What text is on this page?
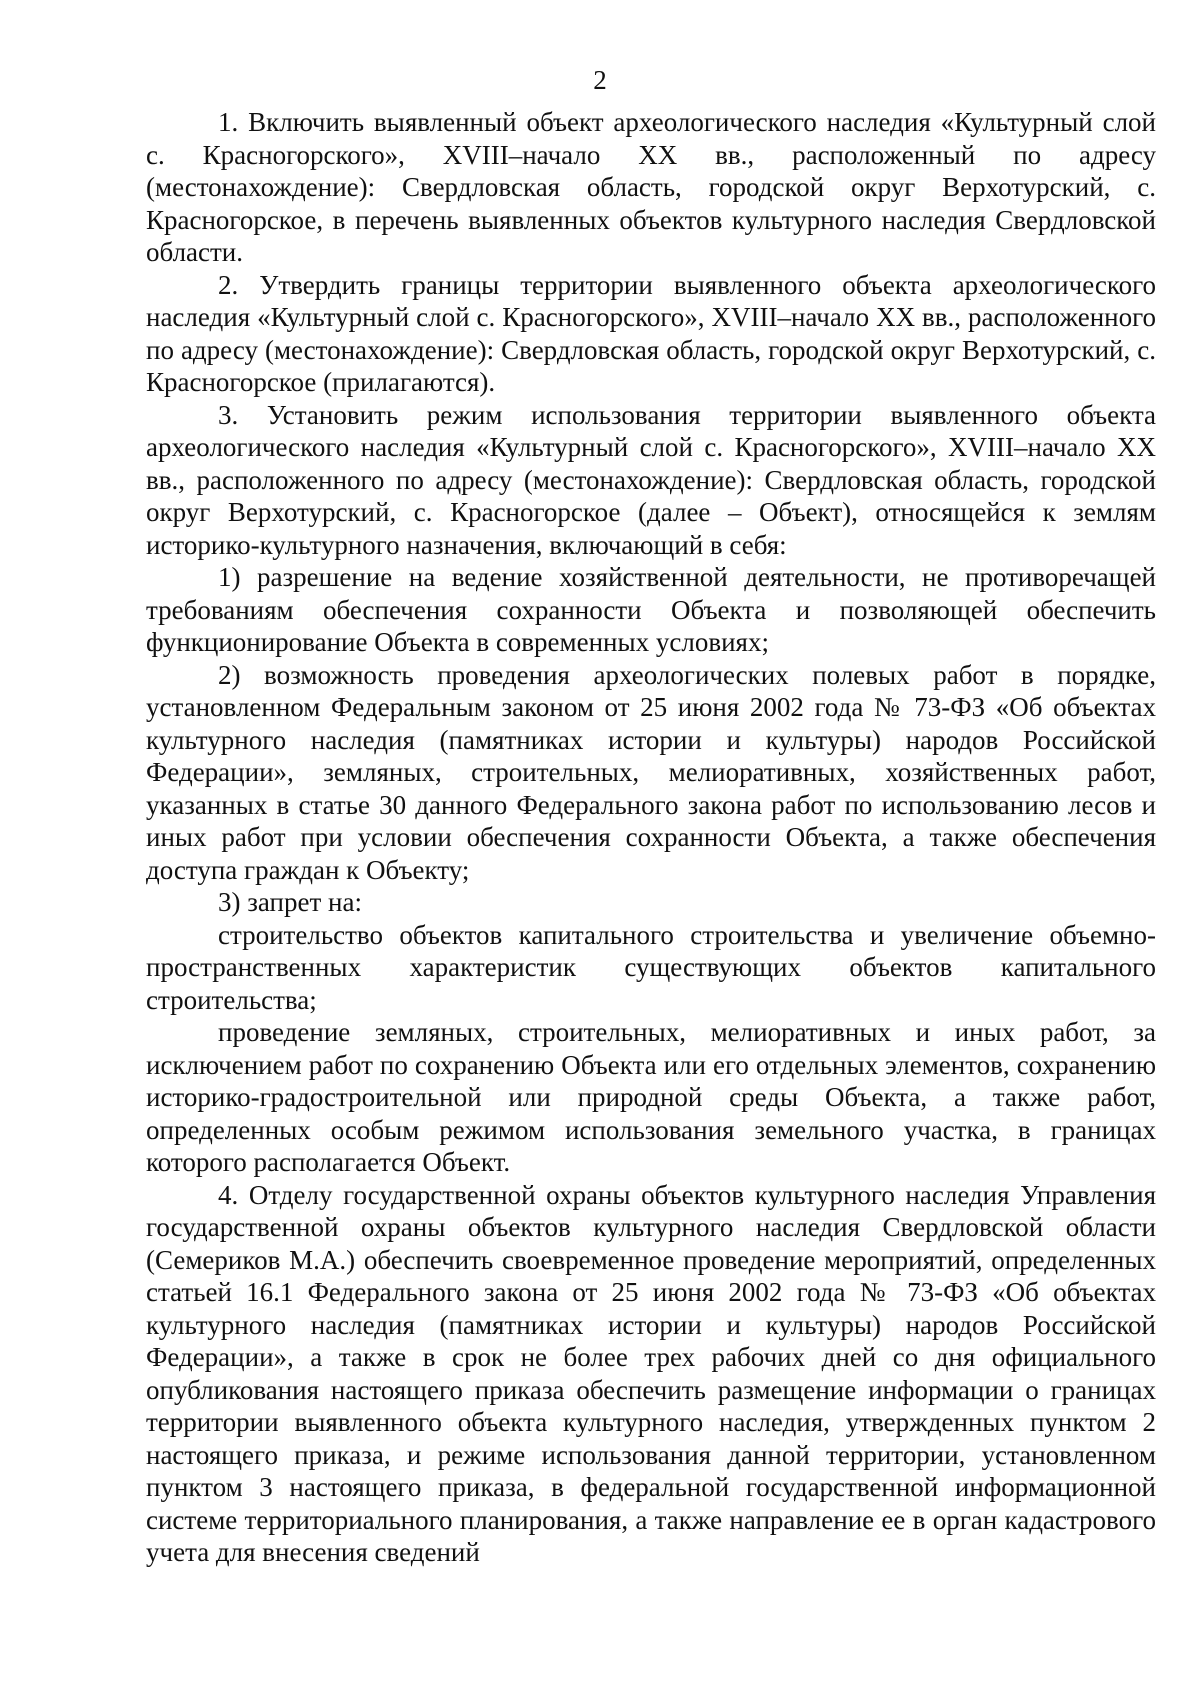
2

1. Включить выявленный объект археологического наследия «Культурный слой с. Красногорского», XVIII–начало XX вв., расположенный по адресу (местонахождение): Свердловская область, городской округ Верхотурский, с. Красногорское, в перечень выявленных объектов культурного наследия Свердловской области.

2. Утвердить границы территории выявленного объекта археологического наследия «Культурный слой с. Красногорского», XVIII–начало XX вв., расположенного по адресу (местонахождение): Свердловская область, городской округ Верхотурский, с. Красногорское (прилагаются).

3. Установить режим использования территории выявленного объекта археологического наследия «Культурный слой с. Красногорского», XVIII–начало XX вв., расположенного по адресу (местонахождение): Свердловская область, городской округ Верхотурский, с. Красногорское (далее – Объект), относящейся к землям историко-культурного назначения, включающий в себя:

1) разрешение на ведение хозяйственной деятельности, не противоречащей требованиям обеспечения сохранности Объекта и позволяющей обеспечить функционирование Объекта в современных условиях;

2) возможность проведения археологических полевых работ в порядке, установленном Федеральным законом от 25 июня 2002 года № 73-ФЗ «Об объектах культурного наследия (памятниках истории и культуры) народов Российской Федерации», земляных, строительных, мелиоративных, хозяйственных работ, указанных в статье 30 данного Федерального закона работ по использованию лесов и иных работ при условии обеспечения сохранности Объекта, а также обеспечения доступа граждан к Объекту;

3) запрет на:

строительство объектов капитального строительства и увеличение объемно-пространственных характеристик существующих объектов капитального строительства;

проведение земляных, строительных, мелиоративных и иных работ, за исключением работ по сохранению Объекта или его отдельных элементов, сохранению историко-градостроительной или природной среды Объекта, а также работ, определенных особым режимом использования земельного участка, в границах которого располагается Объект.

4. Отделу государственной охраны объектов культурного наследия Управления государственной охраны объектов культурного наследия Свердловской области (Семериков М.А.) обеспечить своевременное проведение мероприятий, определенных статьей 16.1 Федерального закона от 25 июня 2002 года № 73-ФЗ «Об объектах культурного наследия (памятниках истории и культуры) народов Российской Федерации», а также в срок не более трех рабочих дней со дня официального опубликования настоящего приказа обеспечить размещение информации о границах территории выявленного объекта культурного наследия, утвержденных пунктом 2 настоящего приказа, и режиме использования данной территории, установленном пунктом 3 настоящего приказа, в федеральной государственной информационной системе территориального планирования, а также направление ее в орган кадастрового учета для внесения сведений
